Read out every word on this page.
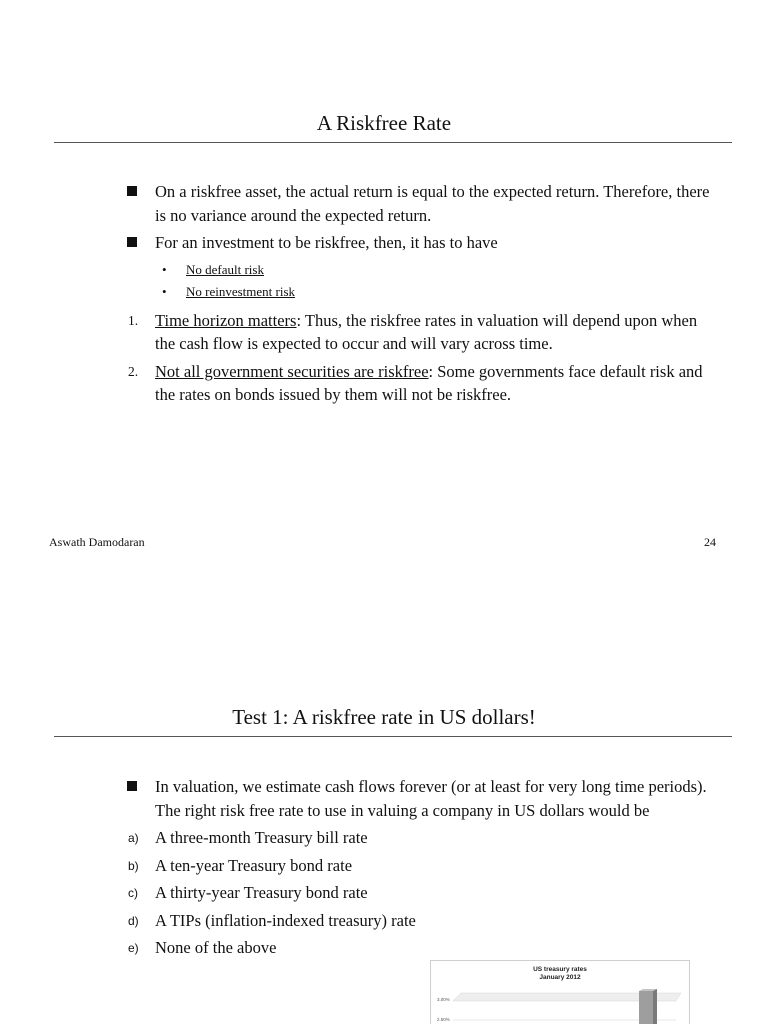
A Riskfree Rate
On a riskfree asset, the actual return is equal to the expected return. Therefore, there is no variance around the expected return.
For an investment to be riskfree, then, it has to have
• No default risk
• No reinvestment risk
1. Time horizon matters: Thus, the riskfree rates in valuation will depend upon when the cash flow is expected to occur and will vary across time.
2. Not all government securities are riskfree: Some governments face default risk and the rates on bonds issued by them will not be riskfree.
Aswath Damodaran	24
Test 1: A riskfree rate in US dollars!
In valuation, we estimate cash flows forever (or at least for very long time periods). The right risk free rate to use in valuing a company in US dollars would be
a) A three-month Treasury bill rate
b) A ten-year Treasury bond rate
c) A thirty-year Treasury bond rate
d) A TIPs (inflation-indexed treasury) rate
e) None of the above
US treasury rates
January 2012
3.00%
2.50%
